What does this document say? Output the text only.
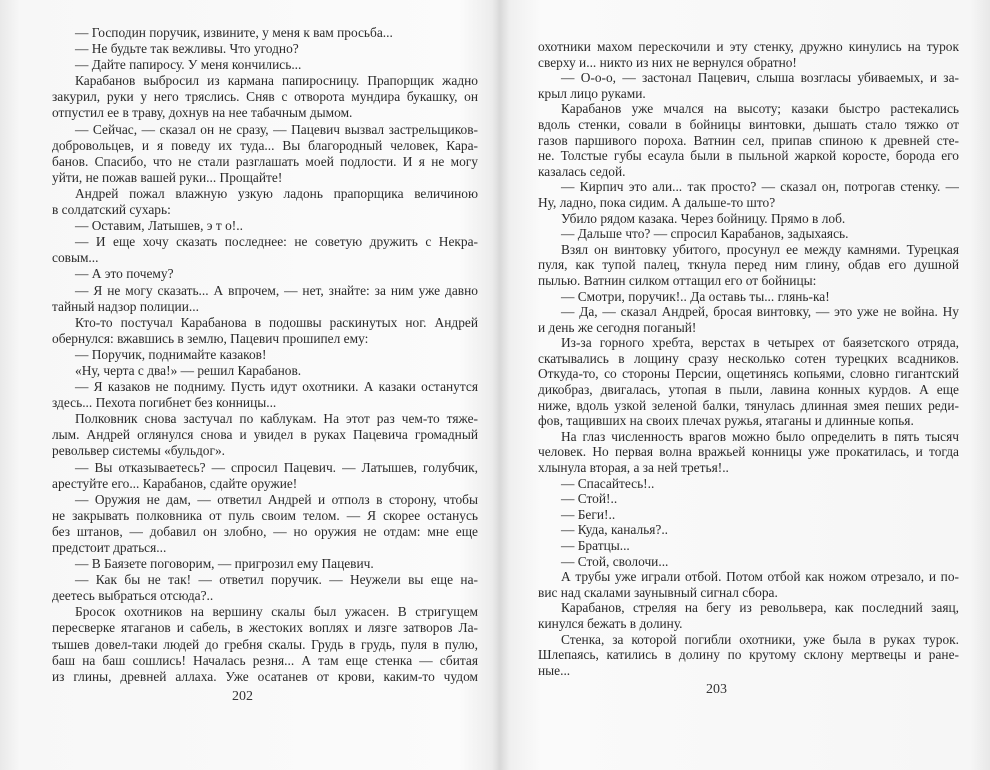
— Господин поручик, извините, у меня к вам просьба...
— Не будьте так вежливы. Что угодно?
— Дайте папиросу. У меня кончились...
Карабанов выбросил из кармана папиросницу. Прапорщик жадно
закурил, руки у него тряслись. Сняв с отворота мундира букашку, он
отпустил ее в траву, дохнув на нее табачным дымом.
— Сейчас, — сказал он не сразу, — Пацевич вызвал застрельщиков-
добровольцев, и я поведу их туда... Вы благородный человек, Кара-
банов. Спасибо, что не стали разглашать моей подлости. И я не могу
уйти, не пожав вашей руки... Прощайте!
Андрей пожал влажную узкую ладонь прапорщика величиною
в солдатский сухарь:
— Оставим, Латышев, э т о!..
— И еще хочу сказать последнее: не советую дружить с Некра-
совым...
— А это почему?
— Я не могу сказать... А впрочем, — нет, знайте: за ним уже давно
тайный надзор полиции...
Кто-то постучал Карабанова в подошвы раскинутых ног. Андрей
обернулся: вжавшись в землю, Пацевич прошипел ему:
— Поручик, поднимайте казаков!
«Ну, черта с два!» — решил Карабанов.
— Я казаков не подниму. Пусть идут охотники. А казаки останутся
здесь... Пехота погибнет без конницы...
Полковник снова застучал по каблукам. На этот раз чем-то тяже-
лым. Андрей оглянулся снова и увидел в руках Пацевича громадный
револьвер системы «бульдог».
— Вы отказываетесь? — спросил Пацевич. — Латышев, голубчик,
арестуйте его... Карабанов, сдайте оружие!
— Оружия не дам, — ответил Андрей и отполз в сторону, чтобы
не закрывать полковника от пуль своим телом. — Я скорее останусь
без штанов, — добавил он злобно, — но оружия не отдам: мне еще
предстоит драться...
— В Баязете поговорим, — пригрозил ему Пацевич.
— Как бы не так! — ответил поручик. — Неужели вы еще на-
деетесь выбраться отсюда?..
Бросок охотников на вершину скалы был ужасен. В стригущем
пересверке ятаганов и сабель, в жестоких воплях и лязге затворов Ла-
тышев довел-таки людей до гребня скалы. Грудь в грудь, пуля в пулю,
баш на баш сошлись! Началась резня... А там еще стенка — сбитая
из глины, древней аллаха. Уже осатанев от крови, каким-то чудом
охотники махом перескочили и эту стенку, дружно кинулись на турок
сверху и... никто из них не вернулся обратно!
— О-о-о, — застонал Пацевич, слыша возгласы убиваемых, и за-
крыл лицо руками.
Карабанов уже мчался на высоту; казаки быстро растекались
вдоль стенки, совали в бойницы винтовки, дышать стало тяжко от
газов паршивого пороха. Ватнин сел, припав спиною к древней сте-
не. Толстые губы есаула были в пыльной жаркой коросте, борода его
казалась седой.
— Кирпич это али... так просто? — сказал он, потрогав стенку. —
Ну, ладно, пока сидим. А дальше-то што?
Убило рядом казака. Через бойницу. Прямо в лоб.
— Дальше что? — спросил Карабанов, задыхаясь.
Взял он винтовку убитого, просунул ее между камнями. Турецкая
пуля, как тупой палец, ткнула перед ним глину, обдав его душной
пылью. Ватнин силком оттащил его от бойницы:
— Смотри, поручик!.. Да оставь ты... глянь-ка!
— Да, — сказал Андрей, бросая винтовку, — это уже не война. Ну
и день же сегодня поганый!
Из-за горного хребта, верстах в четырех от баязетского отряда,
скатывались в лощину сразу несколько сотен турецких всадников.
Откуда-то, со стороны Персии, ощетинясь копьями, словно гигантский
дикобраз, двигалась, утопая в пыли, лавина конных курдов. А еще
ниже, вдоль узкой зеленой балки, тянулась длинная змея пеших реди-
фов, тащивших на своих плечах ружья, ятаганы и длинные копья.
На глаз численность врагов можно было определить в пять тысяч
человек. Но первая волна вражьей конницы уже прокатилась, и тогда
хлынула вторая, а за ней третья!..
— Спасайтесь!..
— Стой!..
— Беги!..
— Куда, каналья?..
— Братцы...
— Стой, сволочи...
А трубы уже играли отбой. Потом отбой как ножом отрезало, и по-
вис над скалами заунывный сигнал сбора.
Карабанов, стреляя на бегу из револьвера, как последний заяц,
кинулся бежать в долину.
Стенка, за которой погибли охотники, уже была в руках турок.
Шлепаясь, катились в долину по крутому склону мертвецы и ране-
ные...
202	203
